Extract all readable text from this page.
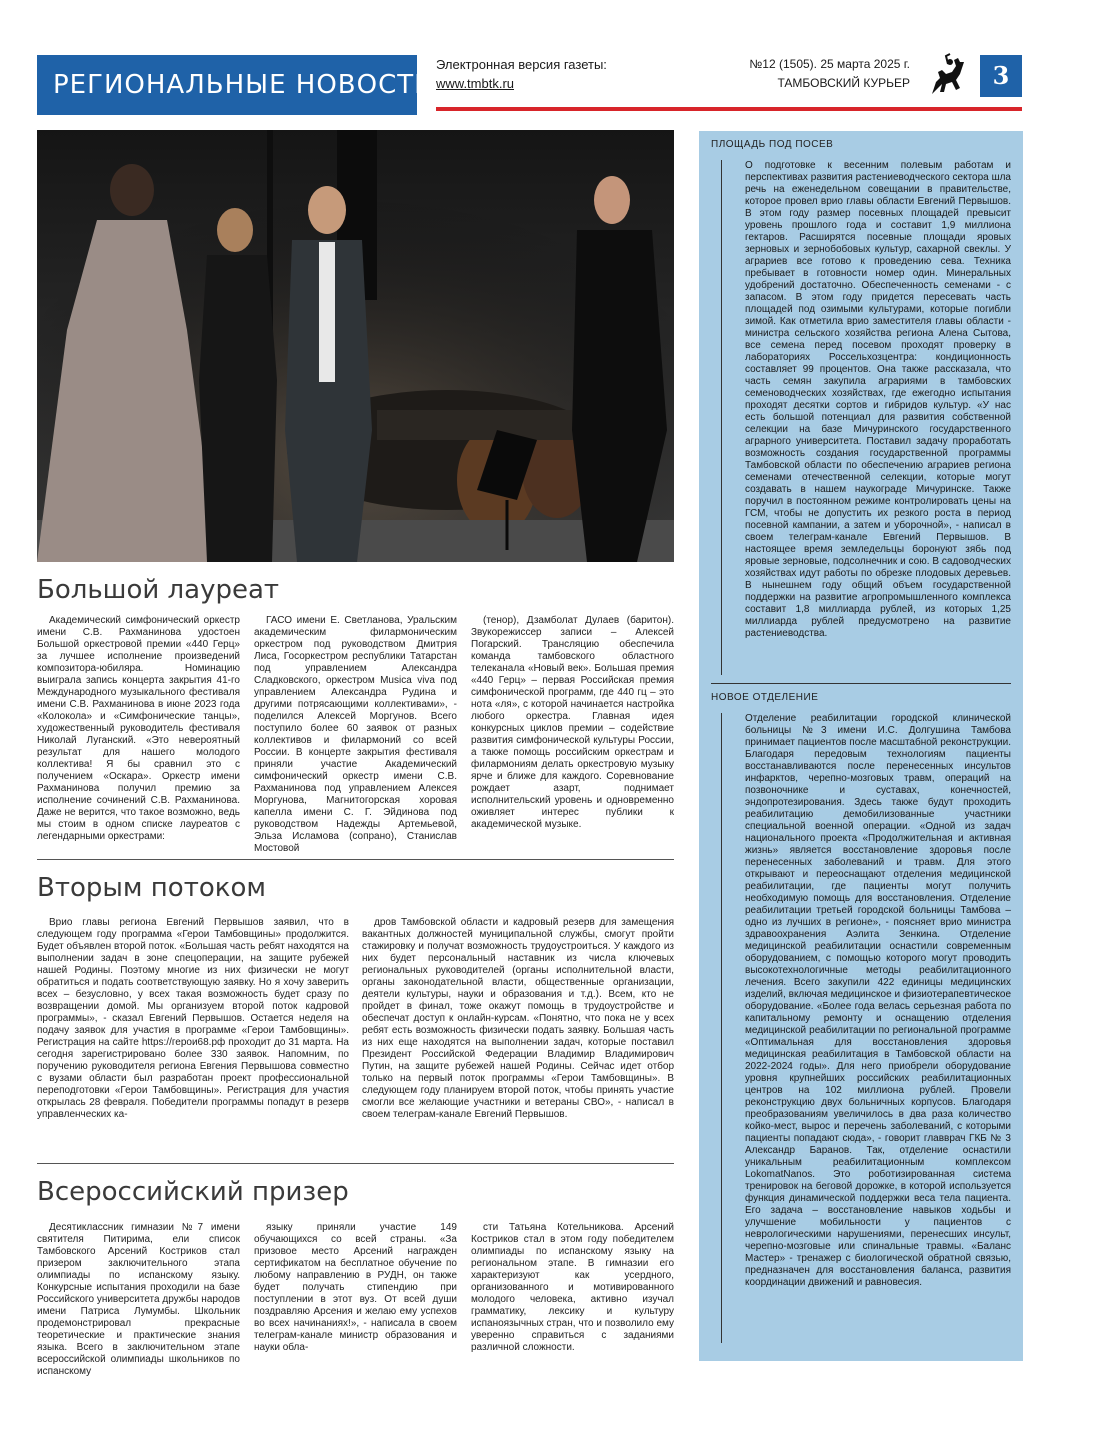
РЕГИОНАЛЬНЫЕ НОВОСТИ
Электронная версия газеты:
www.tmbtk.ru
№12 (1505). 25 марта 2025 г.
ТАМБОВСКИЙ КУРЬЕР	3
Большой лауреат

Академический симфонический оркестр имени С.В. Рахманинова удостоен Большой оркестровой премии «440 Герц» за лучшее исполнение произведений композитора-юбиляра. Номинацию выиграла запись концерта закрытия 41-го Международного музыкального фестиваля имени С.В. Рахманинова в июне 2023 года «Колокола» и «Симфонические танцы», художественный руководитель фестиваля Николай Луганский. «Это невероятный результат для нашего молодого коллектива! Я бы сравнил это с получением «Оскара». Оркестр имени Рахманинова получил премию за исполнение сочинений С.В. Рахманинова. Даже не верится, что такое возможно, ведь мы стоим в одном списке лауреатов с легендарными оркестрами:

ГАСО имени Е. Светланова, Уральским академическим филармоническим оркестром под руководством Дмитрия Лиса, Госоркестром республики Татарстан под управлением Александра Сладковского, оркестром Musica viva под управлением Александра Рудина и другими потрясающими коллективами», - поделился Алексей Моргунов. Всего поступило более 60 заявок от разных коллективов и филармоний со всей России. В концерте закрытия фестиваля приняли участие Академический симфонический оркестр имени С.В. Рахманинова под управлением Алексея Моргунова, Магнитогорская хоровая капелла имени С. Г. Эйдинова под руководством Надежды Артемьевой, Эльза Исламова (сопрано), Станислав Мостовой

(тенор), Дзамболат Дулаев (баритон). Звукорежиссер записи – Алексей Погарский. Трансляцию обеспечила команда тамбовского областного телеканала «Новый век». Большая премия «440 Герц» – первая Российская премия симфонической программ, где 440 гц – это нота «ля», с которой начинается настройка любого оркестра. Главная идея конкурсных циклов премии – содействие развития симфонической культуры России, а также помощь российским оркестрам и филармониям делать оркестровую музыку ярче и ближе для каждого. Соревнование рождает азарт, поднимает исполнительский уровень и одновременно оживляет интерес публики к академической музыке.

Вторым потоком

Врио главы региона Евгений Первышов заявил, что в следующем году программа «Герои Тамбовщины» продолжится. Будет объявлен второй поток. «Большая часть ребят находятся на выполнении задач в зоне спецоперации, на защите рубежей нашей Родины. Поэтому многие из них физически не могут обратиться и подать соответствующую заявку. Но я хочу заверить всех – безусловно, у всех такая возможность будет сразу по возвращении домой. Мы организуем второй поток кадровой программы», - сказал Евгений Первышов. Остается неделя на подачу заявок для участия в программе «Герои Тамбовщины». Регистрация на сайте https://герои68.рф проходит до 31 марта. На сегодня зарегистрировано более 330 заявок. Напомним, по поручению руководителя региона Евгения Первышова совместно с вузами области был разработан проект профессиональной переподготовки «Герои Тамбовщины». Регистрация для участия открылась 28 февраля. Победители программы попадут в резерв управленческих ка-

дров Тамбовской области и кадровый резерв для замещения вакантных должностей муниципальной службы, смогут пройти стажировку и получат возможность трудоустроиться. У каждого из них будет персональный наставник из числа ключевых региональных руководителей (органы исполнительной власти, органы законодательной власти, общественные организации, деятели культуры, науки и образования и т.д.). Всем, кто не пройдет в финал, тоже окажут помощь в трудоустройстве и обеспечат доступ к онлайн-курсам. «Понятно, что пока не у всех ребят есть возможность физически подать заявку. Большая часть из них еще находятся на выполнении задач, которые поставил Президент Российской Федерации Владимир Владимирович Путин, на защите рубежей нашей Родины. Сейчас идет отбор только на первый поток программы «Герои Тамбовщины». В следующем году планируем второй поток, чтобы принять участие смогли все желающие участники и ветераны СВО», - написал в своем телеграм-канале Евгений Первышов.

Всероссийский призер

Десятиклассник гимназии №7 имени святителя Питирима, ели список Тамбовского Арсений Костриков стал призером заключительного этапа олимпиады по испанскому языку. Конкурсные испытания проходили на базе Российского университета дружбы народов имени Патриса Лумумбы. Школьник продемонстрировал прекрасные теоретические и практические знания языка. Всего в заключительном этапе всероссийской олимпиады школьников по испанскому

языку приняли участие 149 обучающихся со всей страны. «За призовое место Арсений награжден сертификатом на бесплатное обучение по любому направлению в РУДН, он также будет получать стипендию при поступлении в этот вуз. От всей души поздравляю Арсения и желаю ему успехов во всех начинаниях!», - написала в своем телеграм-канале министр образования и науки обла-

сти Татьяна Котельникова. Арсений Костриков стал в этом году победителем олимпиады по испанскому языку на региональном этапе. В гимназии его характеризуют как усердного, организованного и мотивированного молодого человека, активно изучал грамматику, лексику и культуру испаноязычных стран, что и позволило ему уверенно справиться с заданиями различной сложности.

ПЛОЩАДЬ ПОД ПОСЕВ
О подготовке к весенним полевым работам и перспективах развития растениеводческого сектора шла речь на еженедельном совещании в правительстве, которое провел врио главы области Евгений Первышов. В этом году размер посевных площадей превысит уровень прошлого года и составит 1,9 миллиона гектаров. Расширятся посевные площади яровых зерновых и зернобобовых культур, сахарной свеклы. У аграриев все готово к проведению сева. Техника пребывает в готовности номер один. Минеральных удобрений достаточно. Обеспеченность семенами - с запасом. В этом году придется пересевать часть площадей под озимыми культурами, которые погибли зимой. Как отметила врио заместителя главы области - министра сельского хозяйства региона Алена Сытова, все семена перед посевом проходят проверку в лабораториях Россельхозцентра: кондиционность составляет 99 процентов. Она также рассказала, что часть семян закупила аграриями в тамбовских семеноводческих хозяйствах, где ежегодно испытания проходят десятки сортов и гибридов культур. «У нас есть большой потенциал для развития собственной селекции на базе Мичуринского государственного аграрного университета. Поставил задачу проработать возможность создания государственной программы Тамбовской области по обеспечению аграриев региона семенами отечественной селекции, которые могут создавать в нашем наукограде Мичуринске. Также поручил в постоянном режиме контролировать цены на ГСМ, чтобы не допустить их резкого роста в период посевной кампании, а затем и уборочной», - написал в своем телеграм-канале Евгений Первышов. В настоящее время земледельцы боронуют зябь под яровые зерновые, подсолнечник и сою. В садоводческих хозяйствах идут работы по обрезке плодовых деревьев. В нынешнем году общий объем государственной поддержки на развитие агропромышленного комплекса составит 1,8 миллиарда рублей, из которых 1,25 миллиарда рублей предусмотрено на развитие растениеводства.
НОВОЕ ОТДЕЛЕНИЕ
Отделение реабилитации городской клинической больницы №3 имени И.С. Долгушина Тамбова принимает пациентов после масштабной реконструкции. Благодаря передовым технологиям пациенты восстанавливаются после перенесенных инсультов инфарктов, черепно-мозговых травм, операций на позвоночнике и суставах, конечностей, эндопротезирования. Здесь также будут проходить реабилитацию демобилизованные участники специальной военной операции. «Одной из задач национального проекта «Продолжительная и активная жизнь» является восстановление здоровья после перенесенных заболеваний и травм. Для этого открывают и переоснащают отделения медицинской реабилитации, где пациенты могут получить необходимую помощь для восстановления. Отделение реабилитации третьей городской больницы Тамбова – одно из лучших в регионе», - поясняет врио министра здравоохранения Аэлита Зенкина. Отделение медицинской реабилитации оснастили современным оборудованием, с помощью которого могут проводить высокотехнологичные методы реабилитационного лечения. Всего закупили 422 единицы медицинских изделий, включая медицинское и физиотерапевтическое оборудование. «Более года велась серьезная работа по капитальному ремонту и оснащению отделения медицинской реабилитации по региональной программе «Оптимальная для восстановления здоровья медицинская реабилитация в Тамбовской области на 2022-2024 годы». Для него приобрели оборудование уровня крупнейших российских реабилитационных центров на 102 миллиона рублей. Провели реконструкцию двух больничных корпусов. Благодаря преобразованиям увеличилось в два раза количество койко-мест, вырос и перечень заболеваний, с которыми пациенты попадают сюда», - говорит главврач ГКБ № 3 Александр Баранов. Так, отделение оснастили уникальным реабилитационным комплексом LokomatNanos. Это роботизированная система тренировок на беговой дорожке, в которой используется функция динамической поддержки веса тела пациента. Его задача – восстановление навыков ходьбы и улучшение мобильности у пациентов с неврологическими нарушениями, перенесших инсульт, черепно-мозговые или спинальные травмы. «Баланс Мастер» - тренажер с биологической обратной связью, предназначен для восстановления баланса, развития координации движений и равновесия.
